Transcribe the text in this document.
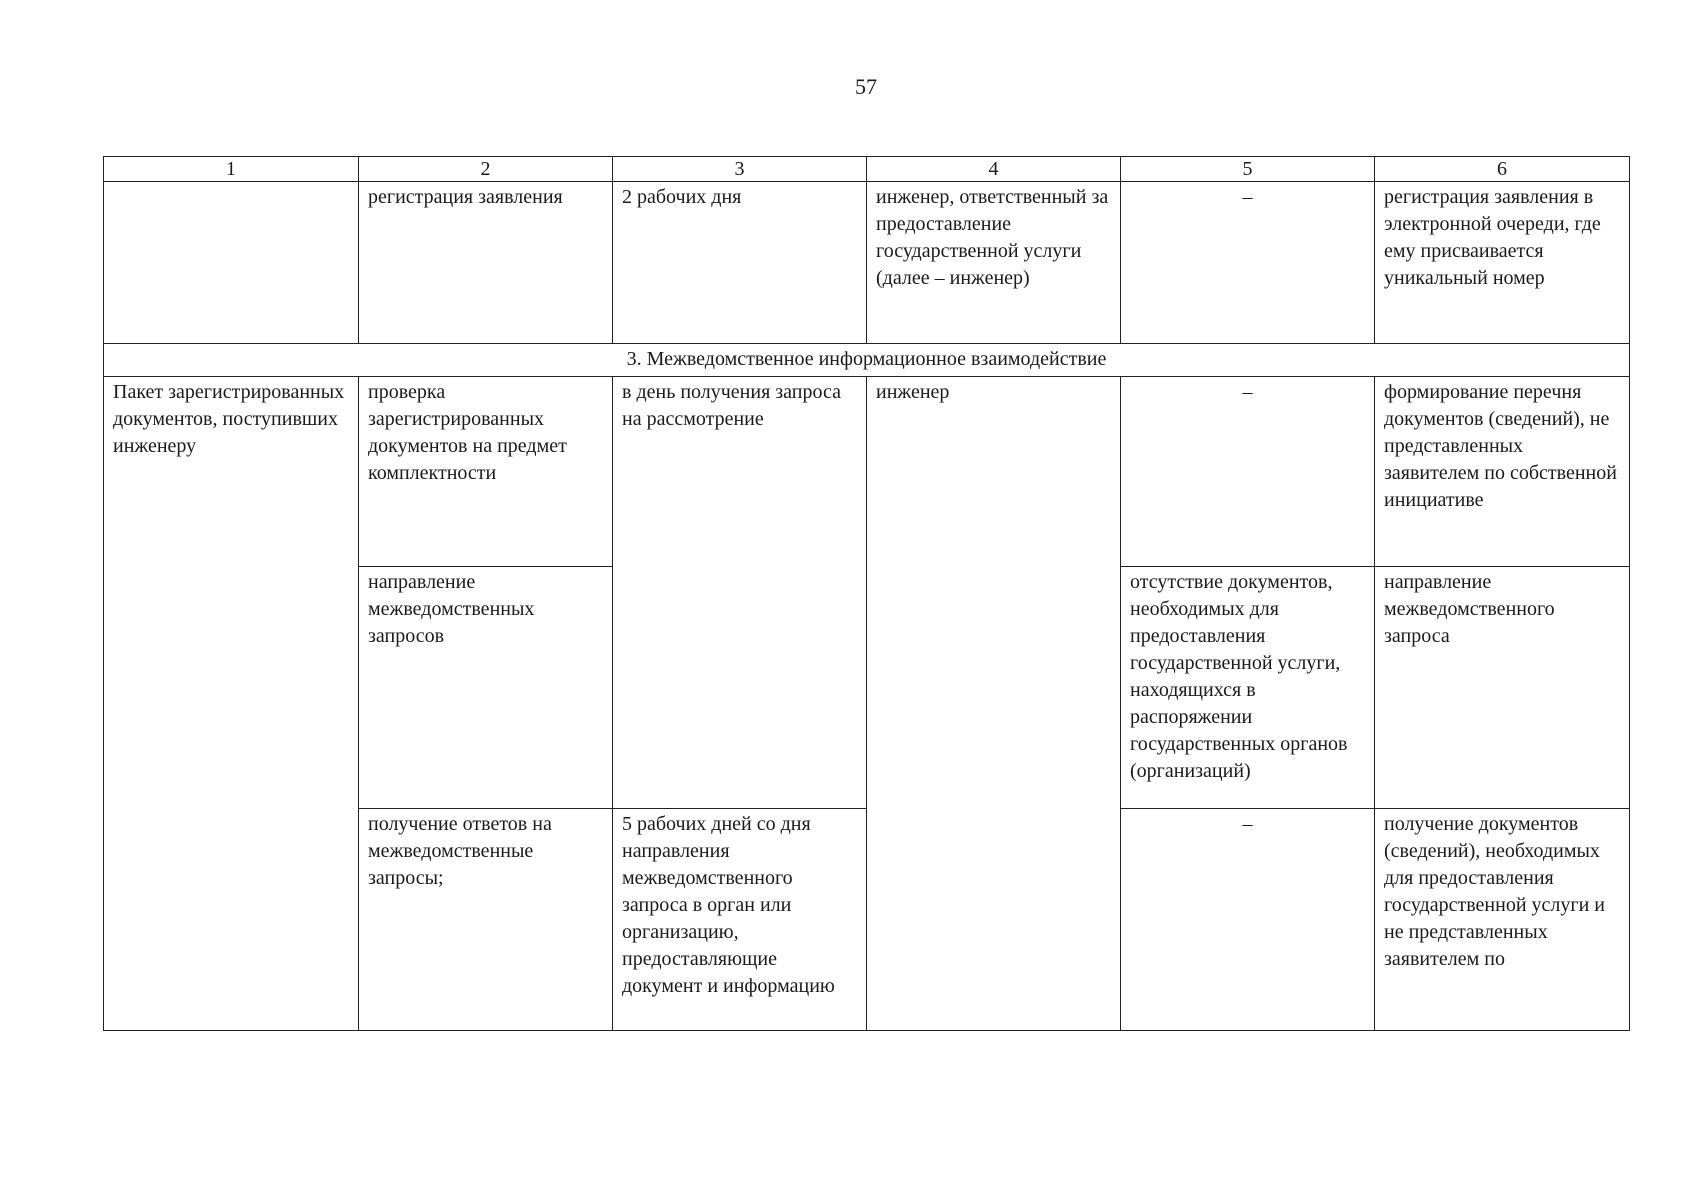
57
1	2	3	4	5	6
	регистрация заявления	2 рабочих дня	инженер, ответственный за предоставление государственной услуги (далее – инженер)	–	регистрация заявления в электронной очереди, где ему присваивается уникальный номер
3. Межведомственное информационное взаимодействие					
Пакет зарегистрированных документов, поступивших инженеру	проверка зарегистрированных документов на предмет комплектности	в день получения запроса на рассмотрение	инженер	–	формирование перечня документов (сведений), не представленных заявителем по собственной инициативе
	направление межведомственных запросов			отсутствие документов, необходимых для предоставления государственной услуги, находящихся в распоряжении государственных органов (организаций)	направление межведомственного запроса
	получение ответов на межведомственные запросы;	5 рабочих дней со дня направления межведомственного запроса в орган или организацию, предоставляющие документ и информацию		–	получение документов (сведений), необходимых для предоставления государственной услуги и не представленных заявителем по
